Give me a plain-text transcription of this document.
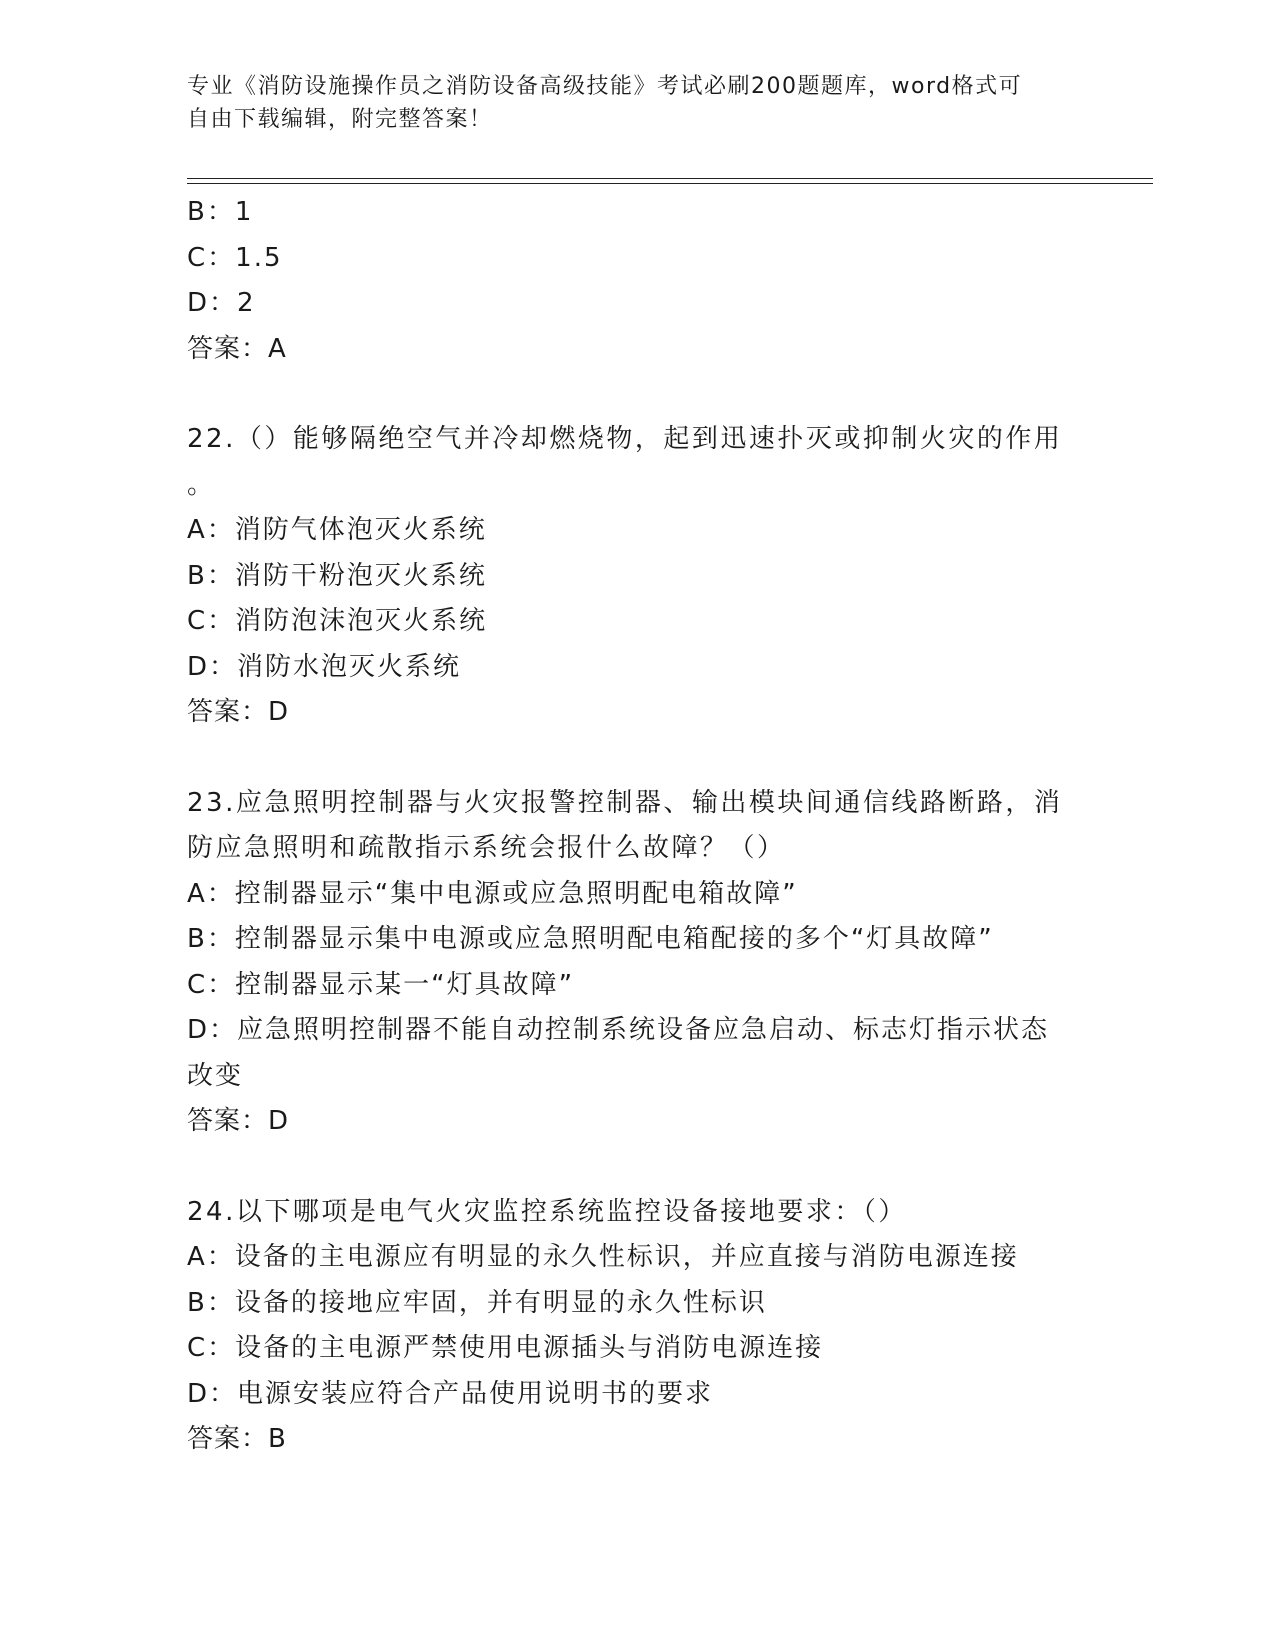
专业《消防设施操作员之消防设备高级技能》考试必刷200题题库，word格式可
自由下载编辑，附完整答案！
B：1
C：1.5
D：2
答案：A
22.（）能够隔绝空气并冷却燃烧物，起到迅速扑灭或抑制火灾的作用
。
A：消防气体泡灭火系统
B：消防干粉泡灭火系统
C：消防泡沫泡灭火系统
D：消防水泡灭火系统
答案：D
23.应急照明控制器与火灾报警控制器、输出模块间通信线路断路，消
防应急照明和疏散指示系统会报什么故障？（）
A：控制器显示“集中电源或应急照明配电箱故障”
B：控制器显示集中电源或应急照明配电箱配接的多个“灯具故障”
C：控制器显示某一“灯具故障”
D：应急照明控制器不能自动控制系统设备应急启动、标志灯指示状态
改变
答案：D
24.以下哪项是电气火灾监控系统监控设备接地要求：（）
A：设备的主电源应有明显的永久性标识，并应直接与消防电源连接
B：设备的接地应牢固，并有明显的永久性标识
C：设备的主电源严禁使用电源插头与消防电源连接
D：电源安装应符合产品使用说明书的要求
答案：B
